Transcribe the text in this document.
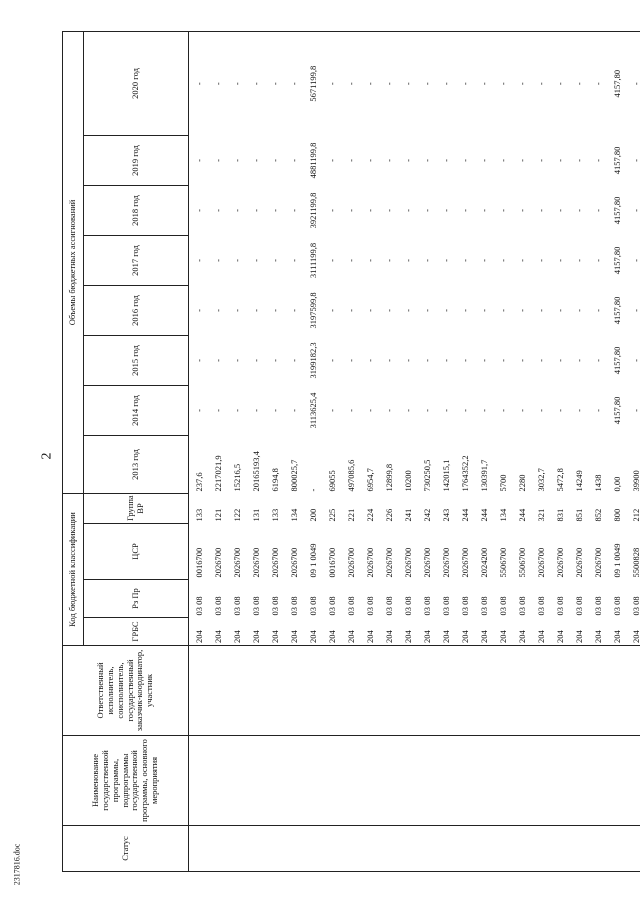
2
2317816.doc	Статус	Наименование государственной программы, подпрограммы государственной программы, основного мероприятия	Ответственный исполнитель, соисполнитель, государственный заказчик-координатор, участник	Код бюджетной классификации				Объемы бюджетных ассигнований							
			ГРБС	Рз Пр	ЦСР	Группа ВР	2013 год	2014 год	2015 год	2016 год	2017 год	2018 год	2019 год	2020 год

			204	03 08	0016700	133	237,6	-	-	-	-	-	-	-
			204	03 08	2026700	121	2217021,9	-	-	-	-	-	-	-
			204	03 08	2026700	122	15216,5	-	-	-	-	-	-	-
			204	03 08	2026700	131	20165193,4	-	-	-	-	-	-	-
			204	03 08	2026700	133	6194,8	-	-	-	-	-	-	-
			204	03 08	2026700	134	800025,7	-	-	-	-	-	-	-
			204	03 08	09 1 0049	200	-	3113625,4	3199182,3	3197599,8	3111199,8	3921199,8	4881199,8	5671199,8
			204	03 08	0016700	225	69055	-	-	-	-	-	-	-
			204	03 08	2026700	221	497085,6	-	-	-	-	-	-	-
			204	03 08	2026700	224	6954,7	-	-	-	-	-	-	-
			204	03 08	2026700	226	12899,8	-	-	-	-	-	-	-
			204	03 08	2026700	241	10200	-	-	-	-	-	-	-
			204	03 08	2026700	242	730250,5	-	-	-	-	-	-	-
			204	03 08	2026700	243	142015,1	-	-	-	-	-	-	-
			204	03 08	2026700	244	1764352,2	-	-	-	-	-	-	-
			204	03 08	2024200	244	130391,7	-	-	-	-	-	-	-
			204	03 08	5506700	134	5700	-	-	-	-	-	-	-
			204	03 08	5506700	244	2280	-	-	-	-	-	-	-
			204	03 08	2026700	321	3032,7	-	-	-	-	-	-	-
			204	03 08	2026700	831	5472,8	-	-	-	-	-	-	-
			204	03 08	2026700	851	14249	-	-	-	-	-	-	-
			204	03 08	2026700	852	1438	-	-	-	-	-	-	-
			204	03 08	09 1 0049	800	0,00	4157,80	4157,80	4157,80	4157,80	4157,80	4157,80	4157,80
			204	03 08	5500828	212	39900	-	-	-	-	-	-	-
